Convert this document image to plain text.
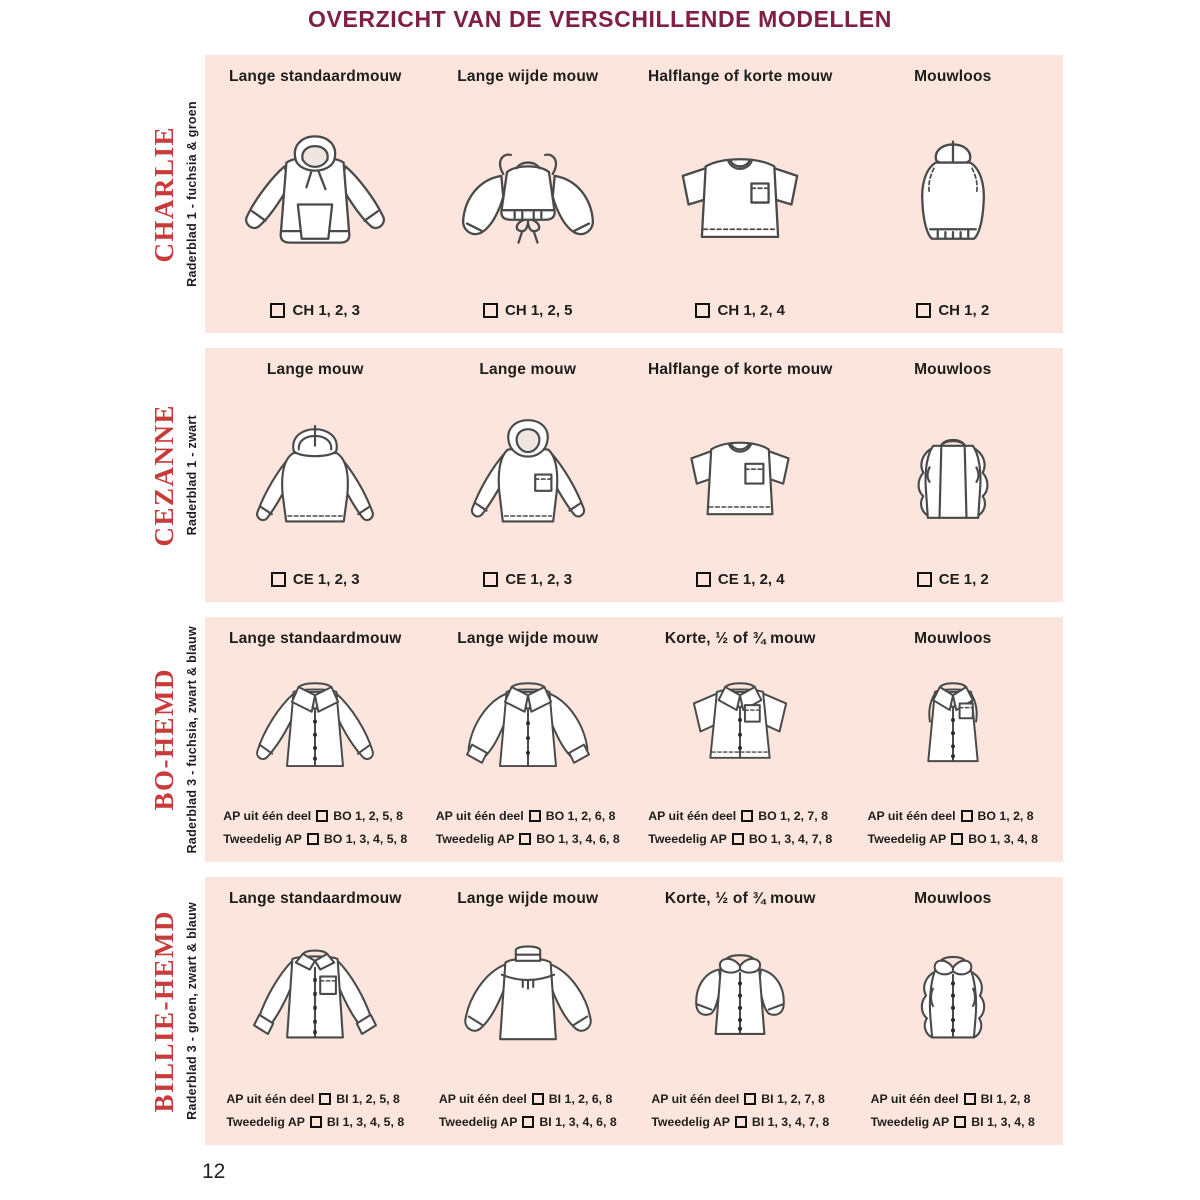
OVERZICHT VAN DE VERSCHILLENDE MODELLEN
CHARLIE Raderblad 1 - fuchsia & groen
Lange standaardmouw
CH 1, 2, 3
Lange wijde mouw
CH 1, 2, 5
Halflange of korte mouw
CH 1, 2, 4
Mouwloos
CH 1, 2
CEZANNE Raderblad 1 - zwart
Lange mouw
CE 1, 2, 3
Lange mouw
CE 1, 2, 3
Halflange of korte mouw
CE 1, 2, 4
Mouwloos
CE 1, 2
BO-HEMD Raderblad 3 - fuchsia, zwart & blauw Lange standaardmouw
AP uit één deel BO 1, 2, 5, 8
Tweedelig AP BO 1, 3, 4, 5, 8
Lange wijde mouw
AP uit één deel BO 1, 2, 6, 8
Tweedelig AP BO 1, 3, 4, 6, 8
Korte, ½ of ¾ mouw
AP uit één deel BO 1, 2, 7, 8
Tweedelig AP BO 1, 3, 4, 7, 8
Mouwloos
AP uit één deel BO 1, 2, 8
Tweedelig AP BO 1, 3, 4, 8
BILLIE-HEMD Raderblad 3 - groen, zwart & blauw
Lange standaardmouw
AP uit één deel BI 1, 2, 5, 8
Tweedelig AP BI 1, 3, 4, 5, 8
Lange wijde mouw
AP uit één deel BI 1, 2, 6, 8
Tweedelig AP BI 1, 3, 4, 6, 8
Korte, ½ of ¾ mouw
AP uit één deel BI 1, 2, 7, 8
Tweedelig AP BI 1, 3, 4, 7, 8
Mouwloos
AP uit één deel BI 1, 2, 8
Tweedelig AP BI 1, 3, 4, 8
12
